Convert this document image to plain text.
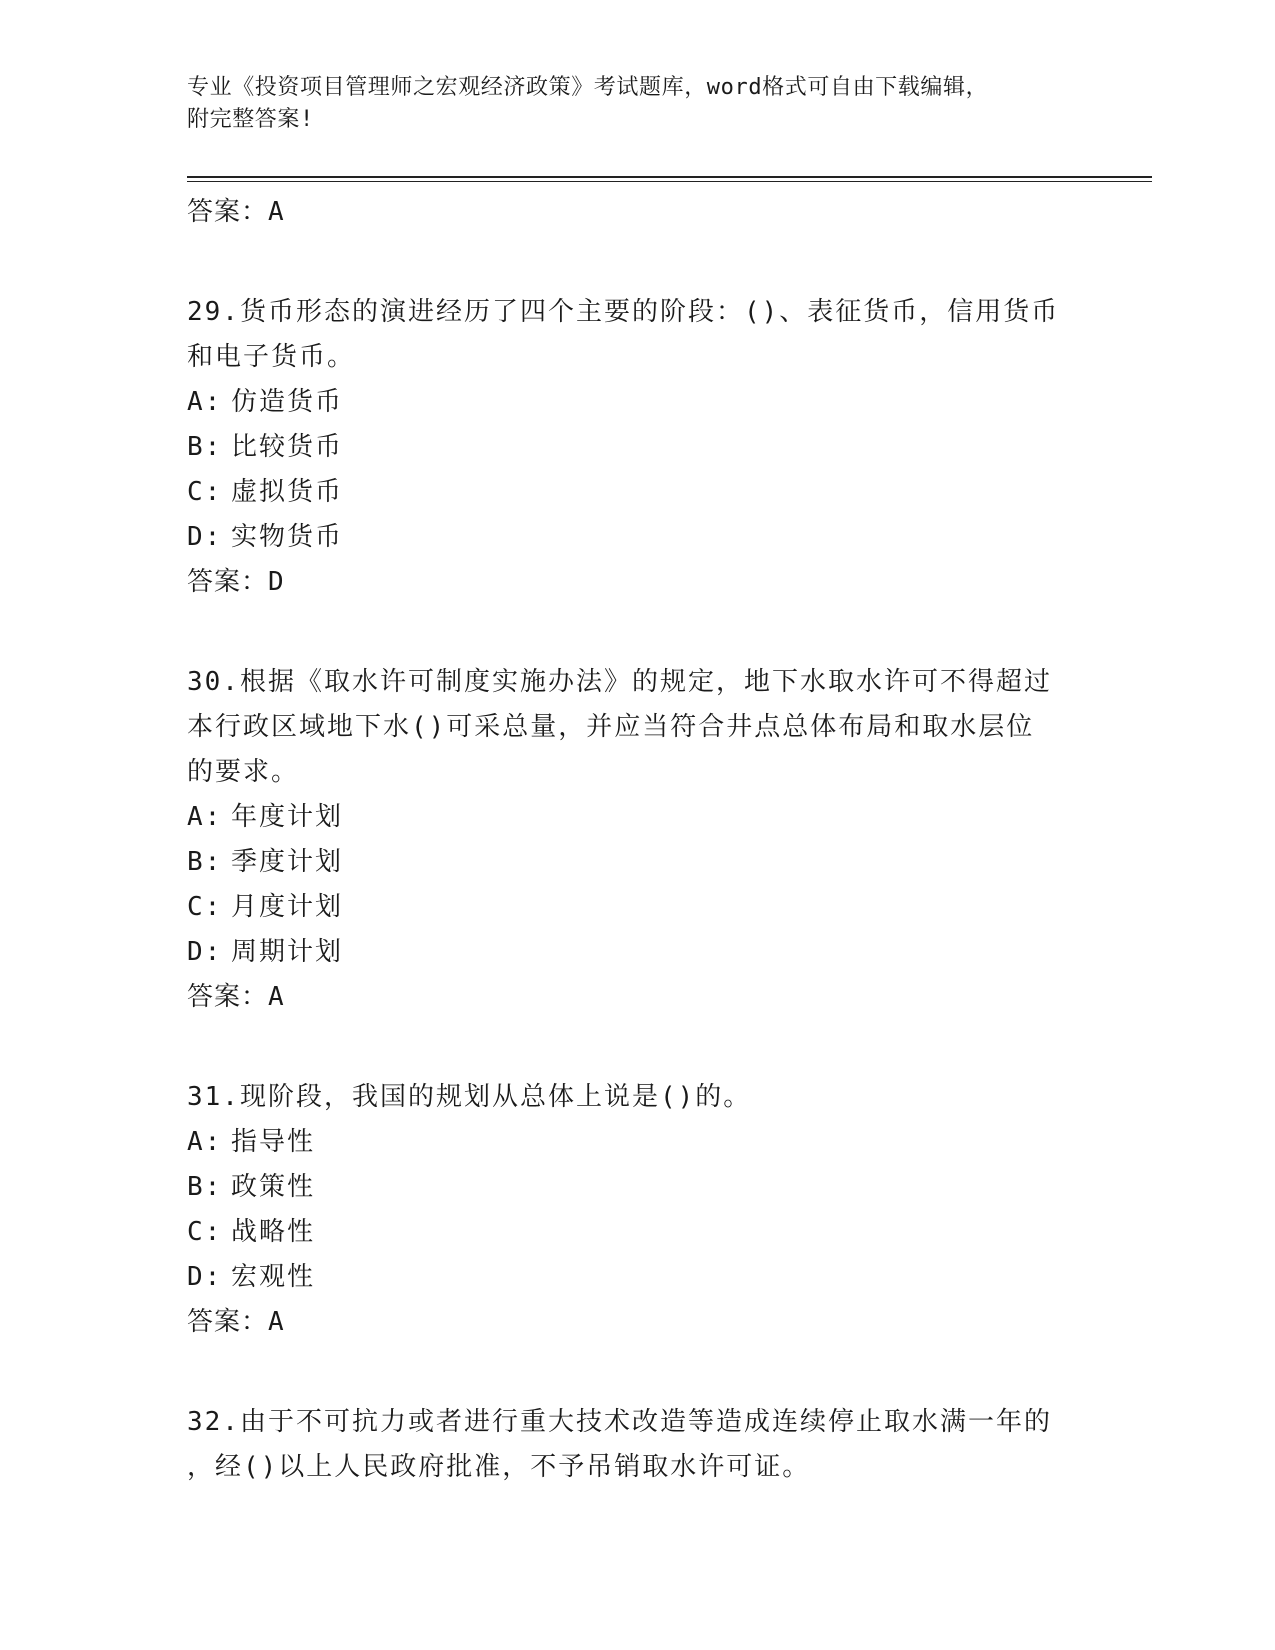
专业《投资项目管理师之宏观经济政策》考试题库，word格式可自由下载编辑，
附完整答案!
答案：A
29.货币形态的演进经历了四个主要的阶段：()、表征货币，信用货币
和电子货币。
A: 仿造货币
B: 比较货币
C: 虚拟货币
D: 实物货币
答案：D
30.根据《取水许可制度实施办法》的规定，地下水取水许可不得超过
本行政区域地下水()可采总量，并应当符合井点总体布局和取水层位
的要求。
A: 年度计划
B: 季度计划
C: 月度计划
D: 周期计划
答案：A
31.现阶段，我国的规划从总体上说是()的。
A: 指导性
B: 政策性
C: 战略性
D: 宏观性
答案：A
32.由于不可抗力或者进行重大技术改造等造成连续停止取水满一年的
，经()以上人民政府批准，不予吊销取水许可证。
